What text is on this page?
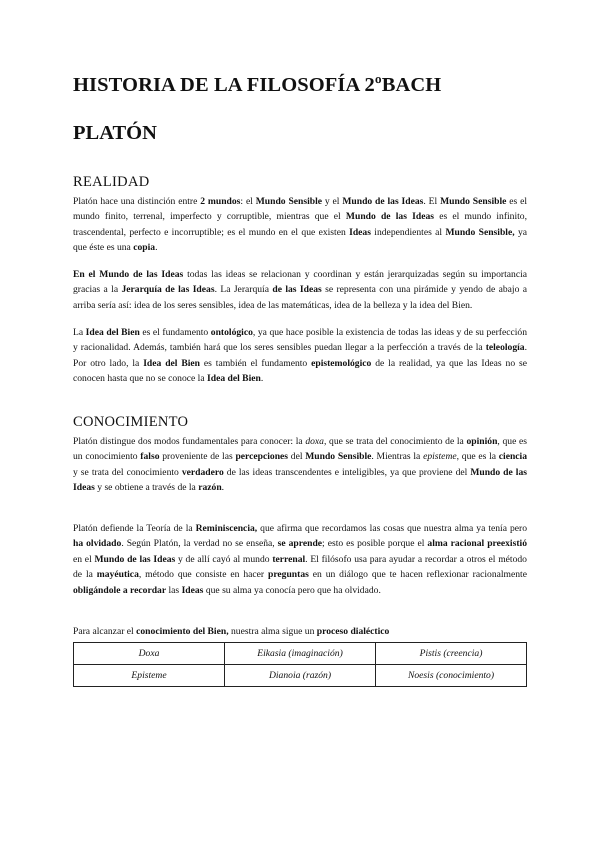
HISTORIA DE LA FILOSOFÍA 2ºBACH
PLATÓN
REALIDAD

Platón hace una distinción entre 2 mundos: el Mundo Sensible y el Mundo de las Ideas. El Mundo Sensible es el mundo finito, terrenal, imperfecto y corruptible, mientras que el Mundo de las Ideas es el mundo infinito, trascendental, perfecto e incorruptible; es el mundo en el que existen Ideas independientes al Mundo Sensible, ya que éste es una copia.

En el Mundo de las Ideas todas las ideas se relacionan y coordinan y están jerarquizadas según su importancia gracias a la Jerarquía de las Ideas. La Jerarquía de las Ideas se representa con una pirámide y yendo de abajo a arriba sería así: idea de los seres sensibles, idea de las matemáticas, idea de la belleza y la idea del Bien.

La Idea del Bien es el fundamento ontológico, ya que hace posible la existencia de todas las ideas y de su perfección y racionalidad. Además, también hará que los seres sensibles puedan llegar a la perfección a través de la teleología. Por otro lado, la Idea del Bien es también el fundamento epistemológico de la realidad, ya que las Ideas no se conocen hasta que no se conoce la Idea del Bien.

CONOCIMIENTO

Platón distingue dos modos fundamentales para conocer: la doxa, que se trata del conocimiento de la opinión, que es un conocimiento falso proveniente de las percepciones del Mundo Sensible. Mientras la episteme, que es la ciencia y se trata del conocimiento verdadero de las ideas transcendentes e inteligibles, ya que proviene del Mundo de las Ideas y se obtiene a través de la razón.

Platón defiende la Teoría de la Reminiscencia, que afirma que recordamos las cosas que nuestra alma ya tenía pero ha olvidado. Según Platón, la verdad no se enseña, se aprende; esto es posible porque el alma racional preexistió en el Mundo de las Ideas y de allí cayó al mundo terrenal. El filósofo usa para ayudar a recordar a otros el método de la mayéutica, método que consiste en hacer preguntas en un diálogo que te hacen reflexionar racionalmente obligándole a recordar las Ideas que su alma ya conocía pero que ha olvidado.

Para alcanzar el conocimiento del Bien, nuestra alma sigue un proceso dialéctico

Doxa	Eikasia (imaginación)	Pistis (creencia)
Episteme	Dianoia (razón)	Noesis (conocimiento)
